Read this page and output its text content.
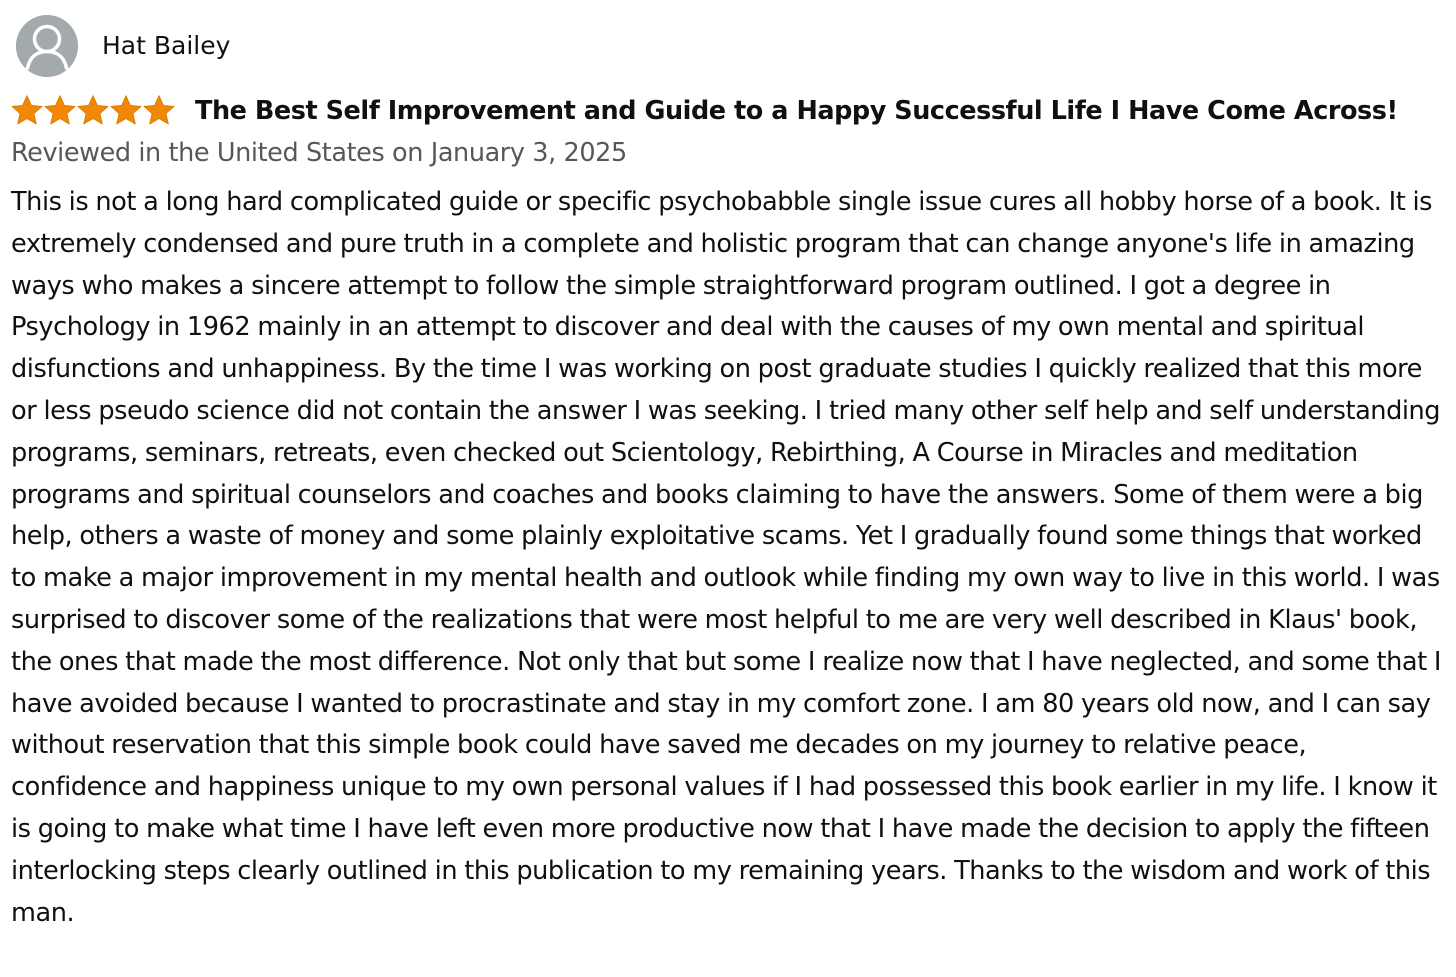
Hat Bailey
The Best Self Improvement and Guide to a Happy Successful Life I Have Come Across!
Reviewed in the United States on January 3, 2025

This is not a long hard complicated guide or specific psychobabble single issue cures all hobby horse of a book. It is extremely condensed and pure truth in a complete and holistic program that can change anyone's life in amazing ways who makes a sincere attempt to follow the simple straightforward program outlined. I got a degree in Psychology in 1962 mainly in an attempt to discover and deal with the causes of my own mental and spiritual disfunctions and unhappiness. By the time I was working on post graduate studies I quickly realized that this more or less pseudo science did not contain the answer I was seeking. I tried many other self help and self understanding programs, seminars, retreats, even checked out Scientology, Rebirthing, A Course in Miracles and meditation programs and spiritual counselors and coaches and books claiming to have the answers. Some of them were a big help, others a waste of money and some plainly exploitative scams. Yet I gradually found some things that worked to make a major improvement in my mental health and outlook while finding my own way to live in this world. I was surprised to discover some of the realizations that were most helpful to me are very well described in Klaus' book, the ones that made the most difference. Not only that but some I realize now that I have neglected, and some that I have avoided because I wanted to procrastinate and stay in my comfort zone. I am 80 years old now, and I can say without reservation that this simple book could have saved me decades on my journey to relative peace, confidence and happiness unique to my own personal values if I had possessed this book earlier in my life. I know it is going to make what time I have left even more productive now that I have made the decision to apply the fifteen interlocking steps clearly outlined in this publication to my remaining years. Thanks to the wisdom and work of this man.
